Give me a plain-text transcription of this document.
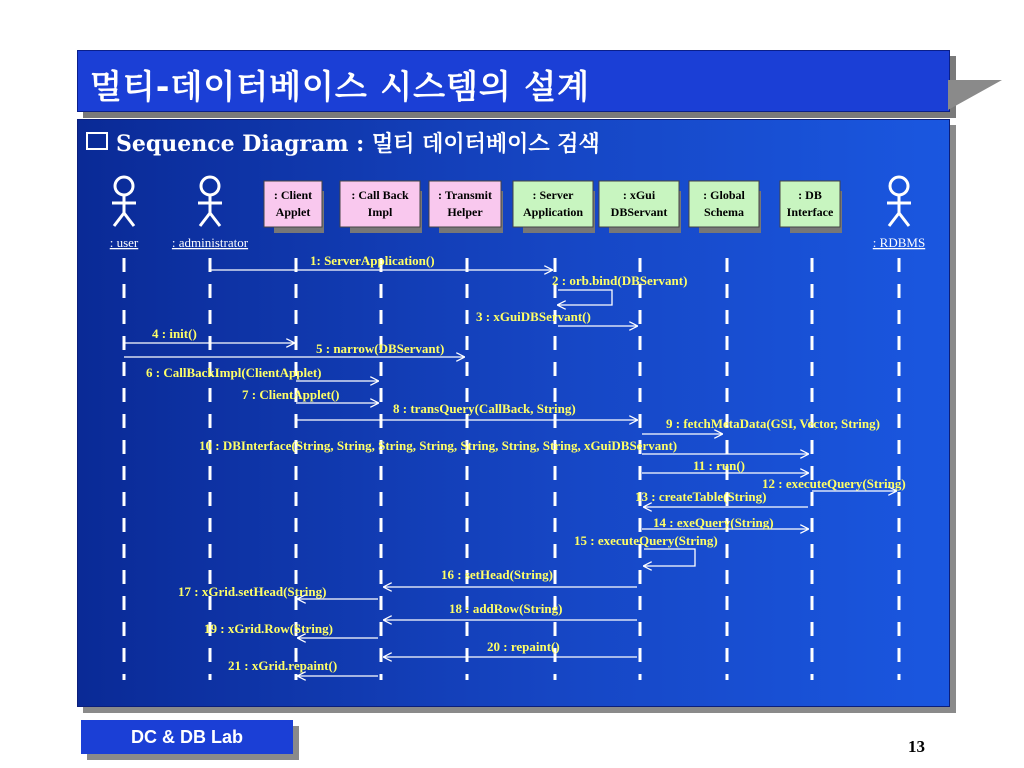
멀티-데이터베이스 시스템의 설계
Sequence Diagram : 멀티 데이터베이스 검색
: user	: administrator	: RDBMS
: Client
Applet
: Call Back
Impl
: Transmit
Helper
: Server
Application
: xGui
DBServant
: Global
Schema
: DB
Interface
1: ServerApplication()
2 : orb.bind(DBServant)
3 : xGuiDBServant()
4 : init()
5 : narrow(DBServant)
6 : CallBackImpl(ClientApplet)
7 : ClientApplet()
8 : transQuery(CallBack, String)
9 : fetchMetaData(GSI, Vector, String)
10 : DBInterface(String, String, String, String, String, String, String, xGuiDBServant)
11 : run()
12 : executeQuery(String)
13 : createTable(String)
14 : exeQuery(String)
15 : executeQuery(String)
16 : setHead(String)
17 : xGrid.setHead(String)
18 : addRow(String)
19 : xGrid.Row(String)
20 : repaint()
21 : xGrid.repaint()
DC & DB Lab	13
